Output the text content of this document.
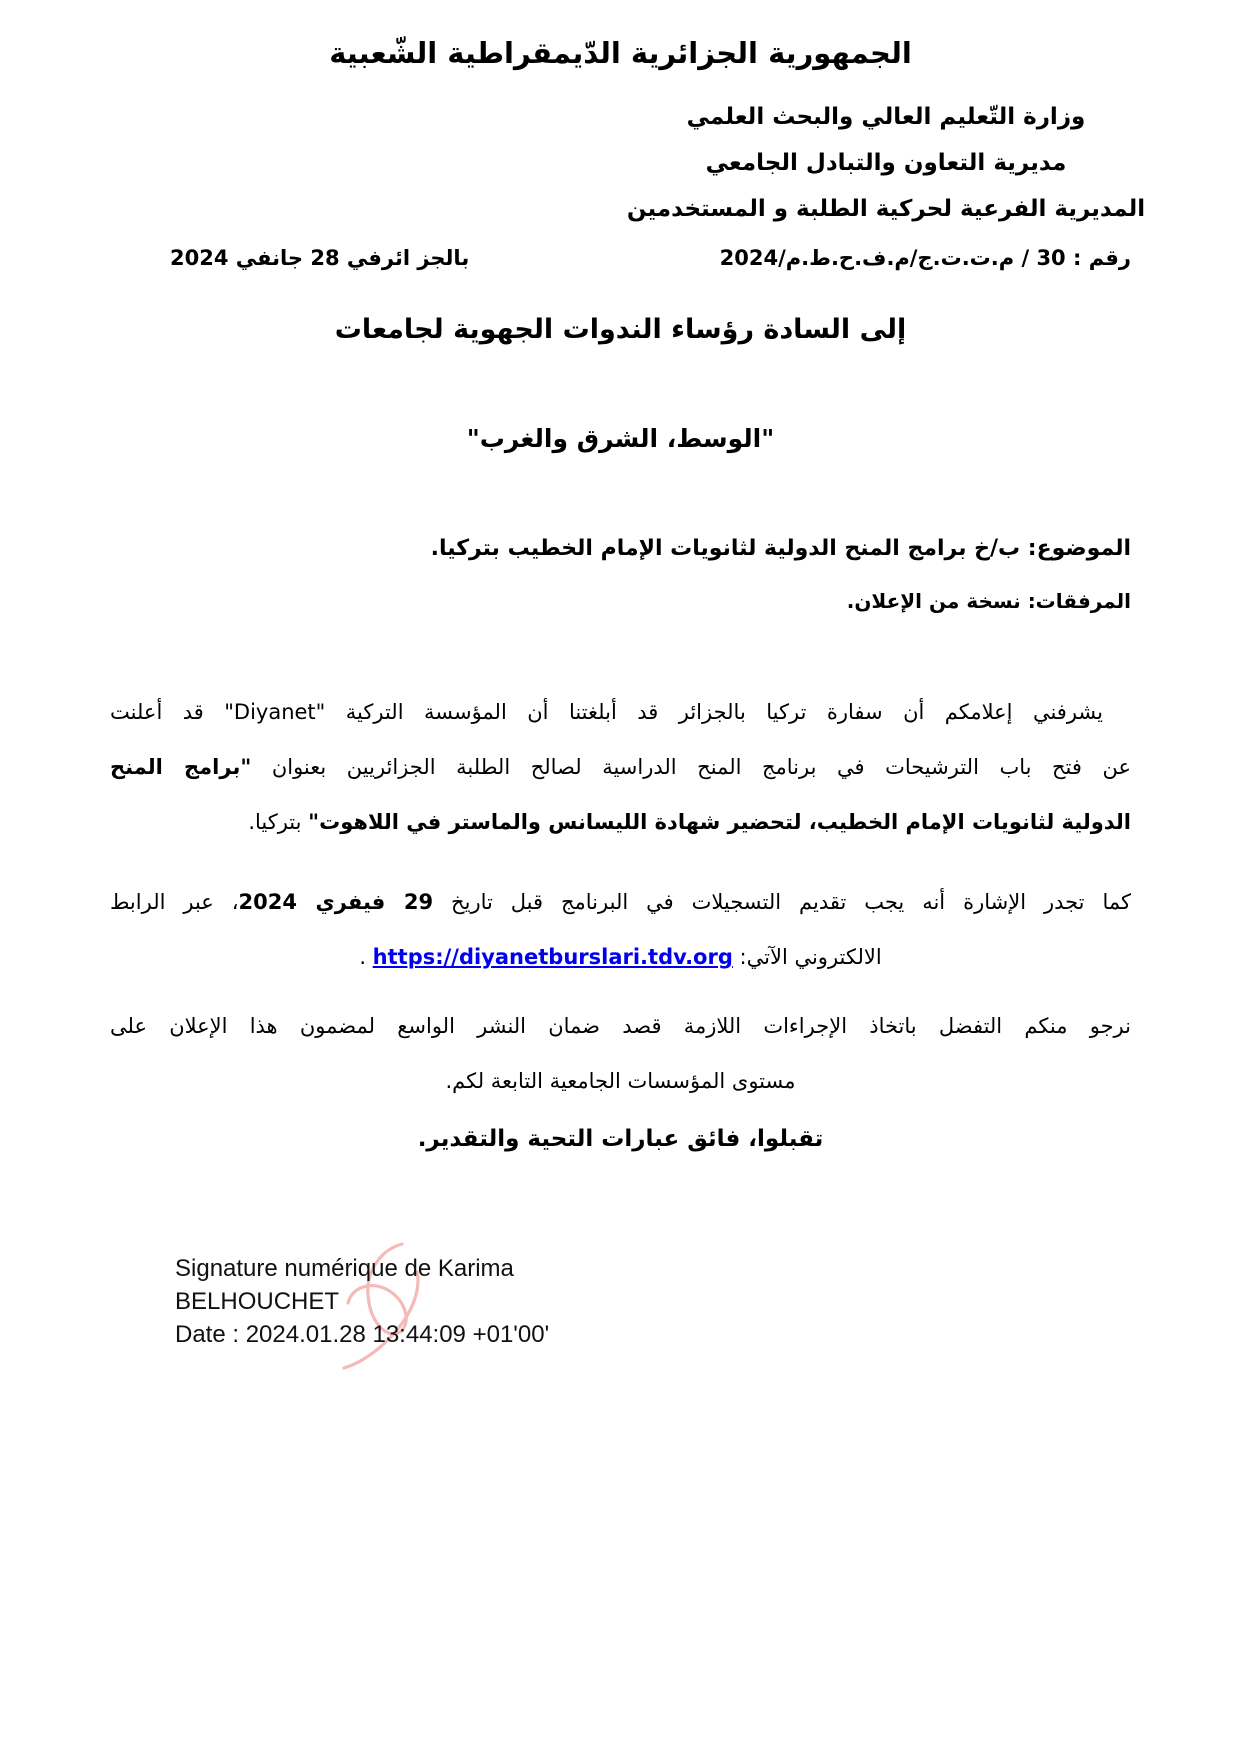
الجمهورية الجزائرية الدّيمقراطية الشّعبية
وزارة التّعليم العالي والبحث العلمي
مديرية التعاون والتبادل الجامعي
المديرية الفرعية لحركية الطلبة و المستخدمين
رقم : 30 / م.ت.ت.ج/م.ف.ح.ط.م/2024
بالجز ائرفي 28 جانفي 2024
إلى السادة رؤساء الندوات الجهوية لجامعات
"الوسط، الشرق والغرب"
الموضوع: ب/خ برامج المنح الدولية لثانويات الإمام الخطيب بتركيا.
المرفقات: نسخة من الإعلان.
يشرفني إعلامكم أن سفارة تركيا بالجزائر قد أبلغتنا أن المؤسسة التركية "Diyanet" قد أعلنت
عن فتح باب الترشيحات في برنامج المنح الدراسية لصالح الطلبة الجزائريين بعنوان "برامج المنح
الدولية لثانويات الإمام الخطيب، لتحضير شهادة الليسانس والماستر في اللاهوت" بتركيا.
كما تجدر الإشارة أنه يجب تقديم التسجيلات في البرنامج قبل تاريخ 29 فيفري 2024، عبر الرابط
الالكتروني الآتي: https://diyanetburslari.tdv.org .
نرجو منكم التفضل باتخاذ الإجراءات اللازمة قصد ضمان النشر الواسع لمضمون هذا الإعلان على
مستوى المؤسسات الجامعية التابعة لكم.
تقبلوا، فائق عبارات التحية والتقدير.
Signature numérique de Karima
BELHOUCHET
Date : 2024.01.28 13:44:09 +01'00'
